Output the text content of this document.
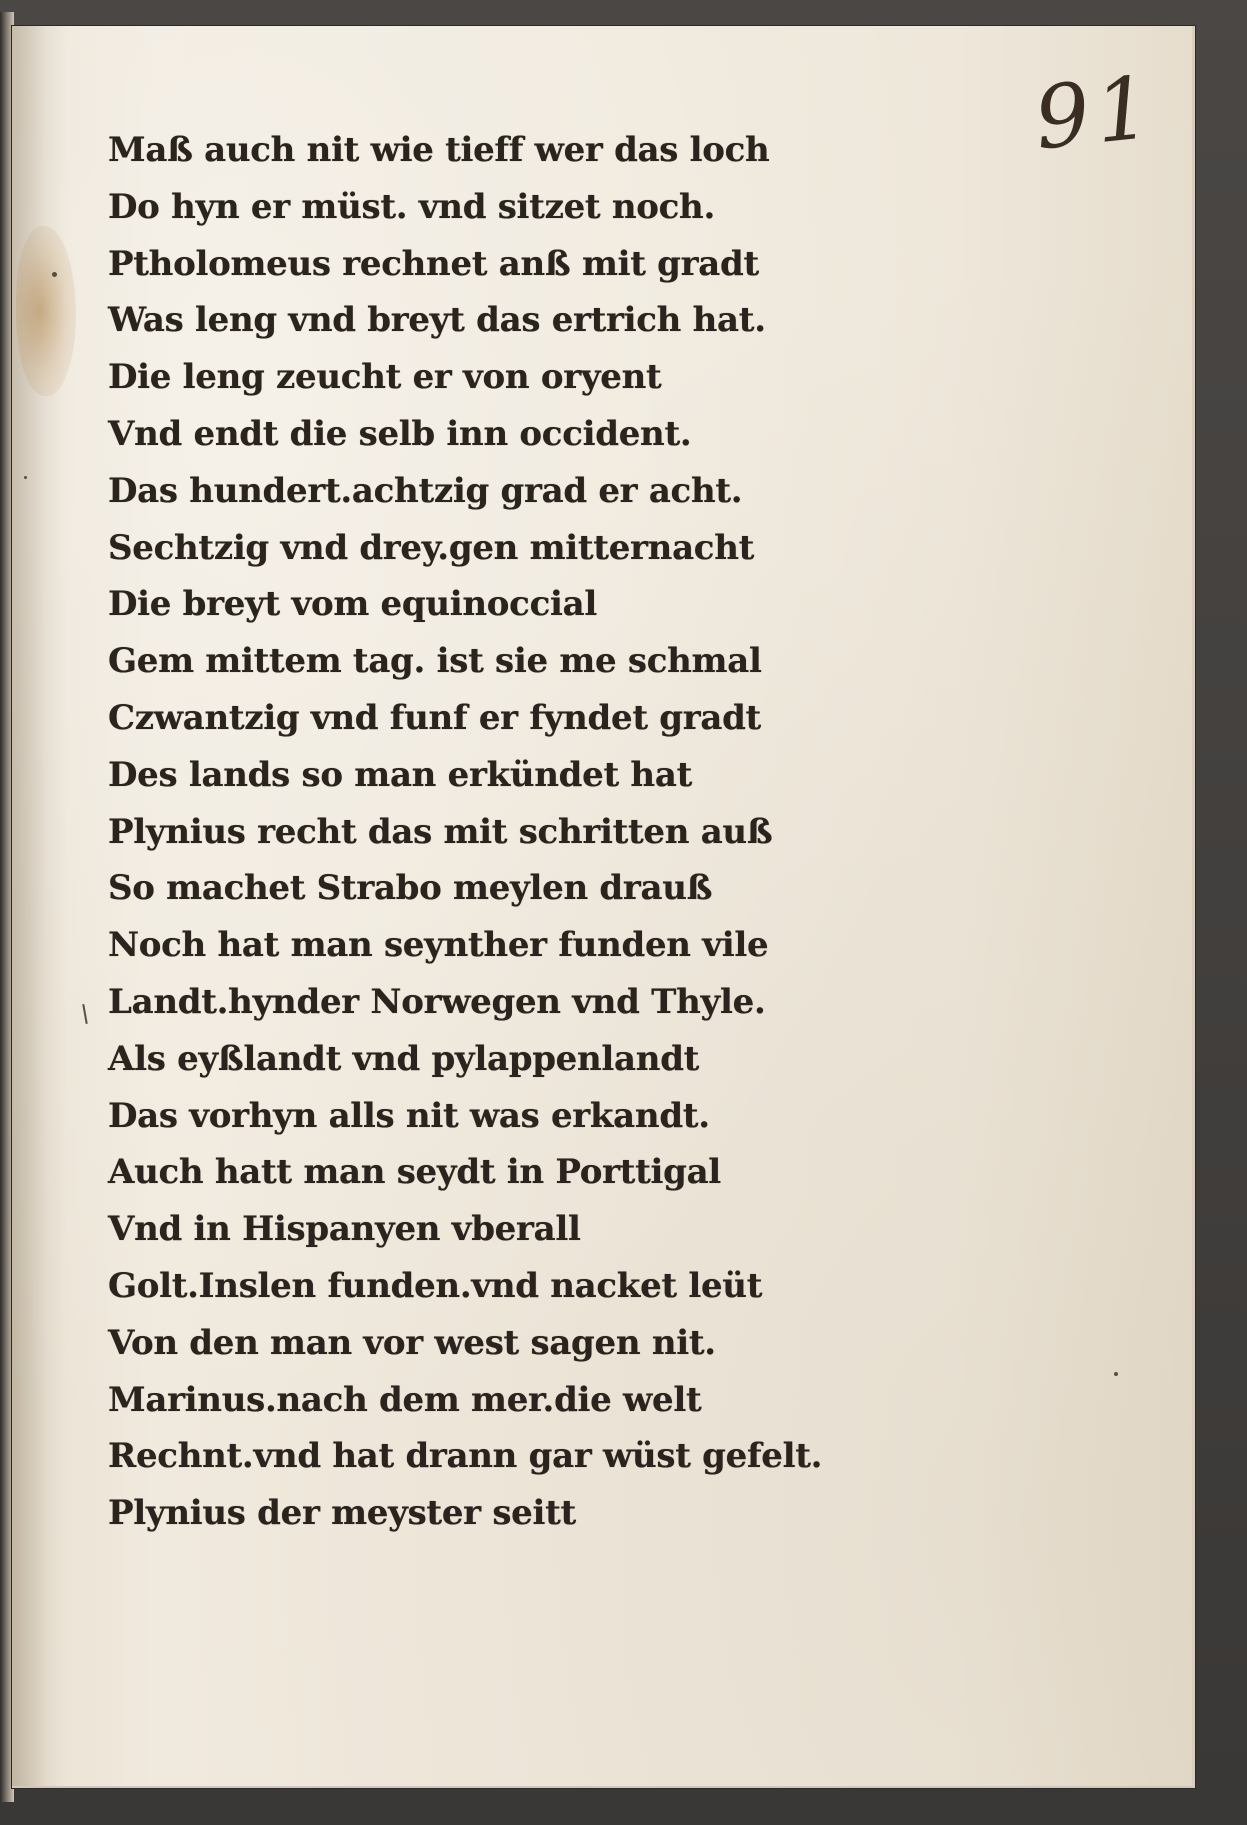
91
Maß auch nit wie tieff wer das loch
Do hyn er müst. vnd sitzet noch.
Ptholomeus rechnet anß mit gradt
Was leng vnd breyt das ertrich hat.
Die leng zeucht er von oryent
Vnd endt die selb inn occident.
Das hundert.achtzig grad er acht.
Sechtzig vnd drey.gen mitternacht
Die breyt vom equinoccial
Gem mittem tag. ist sie me schmal
Czwantzig vnd funf er fyndet gradt
Des lands so man erkündet hat
Plynius recht das mit schritten auß
So machet Strabo meylen drauß
Noch hat man seynther funden vile
Landt.hynder Norwegen vnd Thyle.
Als eyßlandt vnd pylappenlandt
Das vorhyn alls nit was erkandt.
Auch hatt man seydt in Porttigal
Vnd in Hispanyen vberall
Golt.Inslen funden.vnd nacket leüt
Von den man vor west sagen nit.
Marinus.nach dem mer.die welt
Rechnt.vnd hat drann gar wüst gefelt.
Plynius der meyster seitt
